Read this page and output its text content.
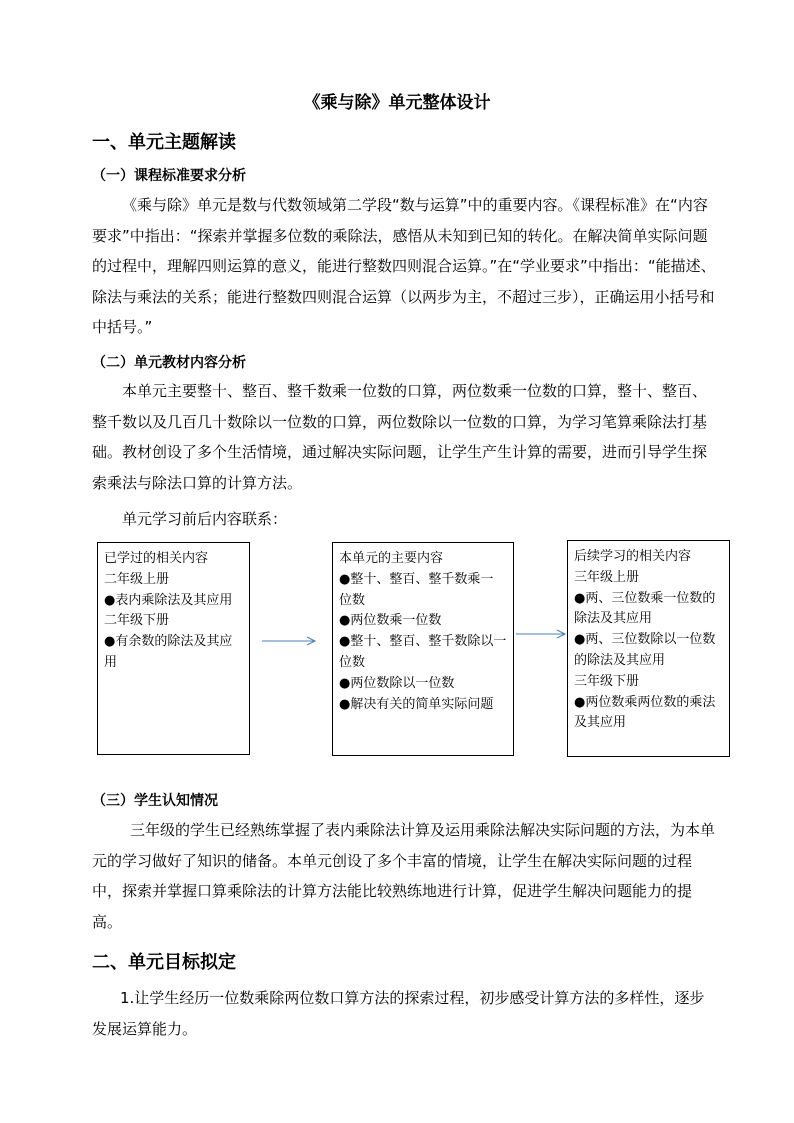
《乘与除》单元整体设计
一、单元主题解读
（一）课程标准要求分析
《乘与除》单元是数与代数领域第二学段“数与运算”中的重要内容。《课程标准》在“内容要求”中指出：“探索并掌握多位数的乘除法，感悟从未知到已知的转化。在解决简单实际问题的过程中，理解四则运算的意义，能进行整数四则混合运算。”在“学业要求”中指出：“能描述、除法与乘法的关系；能进行整数四则混合运算（以两步为主，不超过三步），正确运用小括号和中括号。”
（二）单元教材内容分析
本单元主要整十、整百、整千数乘一位数的口算，两位数乘一位数的口算，整十、整百、整千数以及几百几十数除以一位数的口算，两位数除以一位数的口算，为学习笔算乘除法打基础。教材创设了多个生活情境，通过解决实际问题，让学生产生计算的需要，进而引导学生探索乘法与除法口算的计算方法。
单元学习前后内容联系：
已学过的相关内容
二年级上册
●表内乘除法及其应用
二年级下册
●有余数的除法及其应用
本单元的主要内容
●整十、整百、整千数乘一
位数
●两位数乘一位数
●整十、整百、整千数除以一位数
●两位数除以一位数
●解决有关的简单实际问题
后续学习的相关内容
三年级上册
●两、三位数乘一位数的除法及其应用
●两、三位数除以一位数的除法及其应用
三年级下册
●两位数乘两位数的乘法及其应用
（三）学生认知情况
三年级的学生已经熟练掌握了表内乘除法计算及运用乘除法解决实际问题的方法，为本单元的学习做好了知识的储备。本单元创设了多个丰富的情境，让学生在解决实际问题的过程中，探索并掌握口算乘除法的计算方法能比较熟练地进行计算，促进学生解决问题能力的提高。
二、单元目标拟定
1.让学生经历一位数乘除两位数口算方法的探索过程，初步感受计算方法的多样性，逐步发展运算能力。
